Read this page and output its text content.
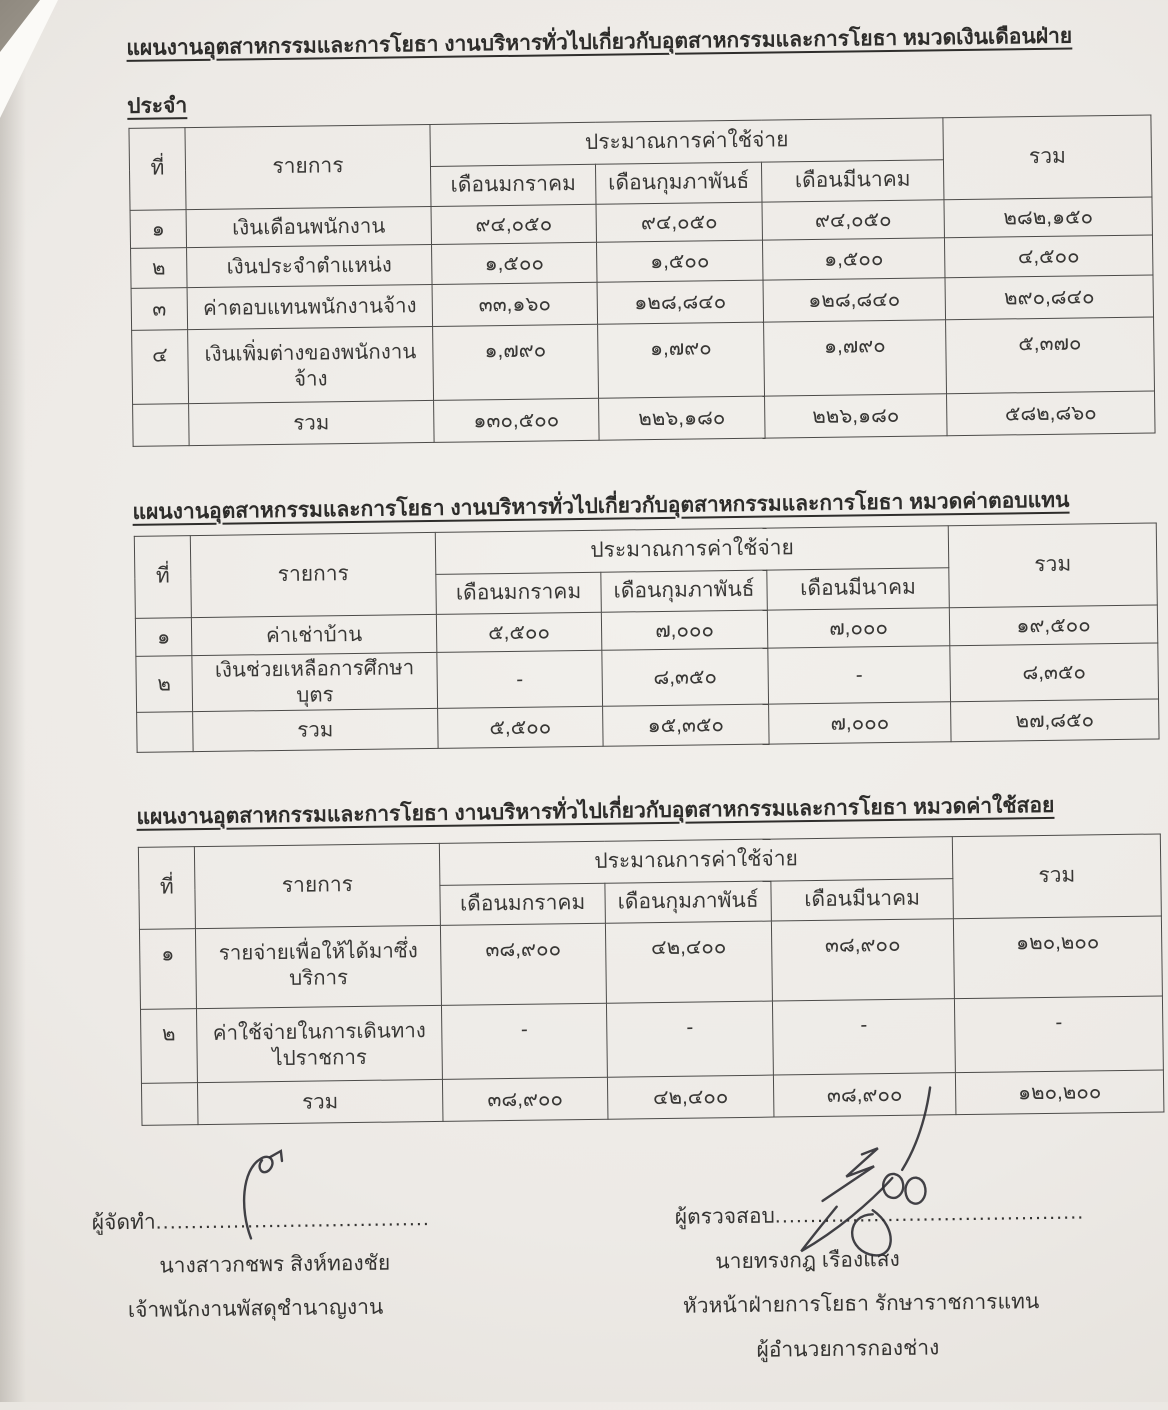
แผนงานอุตสาหกรรมและการโยธา งานบริหารทั่วไปเกี่ยวกับอุตสาหกรรมและการโยธา หมวดเงินเดือนฝ่าย
ประจำ
ที่	รายการ	ประมาณการค่าใช้จ่าย			รวม
		เดือนมกราคม	เดือนกุมภาพันธ์	เดือนมีนาคม	
๑	เงินเดือนพนักงาน	๙๔,๐๕๐	๙๔,๐๕๐	๙๔,๐๕๐	๒๘๒,๑๕๐
๒	เงินประจำตำแหน่ง	๑,๕๐๐	๑,๕๐๐	๑,๕๐๐	๔,๕๐๐
๓	ค่าตอบแทนพนักงานจ้าง	๓๓,๑๖๐	๑๒๘,๘๔๐	๑๒๘,๘๔๐	๒๙๐,๘๔๐
๔	เงินเพิ่มต่างของพนักงานจ้าง	๑,๗๙๐	๑,๗๙๐	๑,๗๙๐	๕,๓๗๐
	รวม	๑๓๐,๕๐๐	๒๒๖,๑๘๐	๒๒๖,๑๘๐	๕๘๒,๘๖๐
แผนงานอุตสาหกรรมและการโยธา งานบริหารทั่วไปเกี่ยวกับอุตสาหกรรมและการโยธา หมวดค่าตอบแทน
ที่	รายการ	ประมาณการค่าใช้จ่าย			รวม
		เดือนมกราคม	เดือนกุมภาพันธ์	เดือนมีนาคม	
๑	ค่าเช่าบ้าน	๕,๕๐๐	๗,๐๐๐	๗,๐๐๐	๑๙,๕๐๐
๒	เงินช่วยเหลือการศึกษาบุตร	-	๘,๓๕๐	-	๘,๓๕๐
	รวม	๕,๕๐๐	๑๕,๓๕๐	๗,๐๐๐	๒๗,๘๕๐
แผนงานอุตสาหกรรมและการโยธา งานบริหารทั่วไปเกี่ยวกับอุตสาหกรรมและการโยธา หมวดค่าใช้สอย
ที่	รายการ	ประมาณการค่าใช้จ่าย			รวม
		เดือนมกราคม	เดือนกุมภาพันธ์	เดือนมีนาคม	
๑	รายจ่ายเพื่อให้ได้มาซึ่งบริการ	๓๘,๙๐๐	๔๒,๔๐๐	๓๘,๙๐๐	๑๒๐,๒๐๐
๒	ค่าใช้จ่ายในการเดินทางไปราชการ	-	-	-	-
	รวม	๓๘,๙๐๐	๔๒,๔๐๐	๓๘,๙๐๐	๑๒๐,๒๐๐
ผู้จัดทำ.......................................
นางสาวกชพร สิงห์ทองชัย
เจ้าพนักงานพัสดุชำนาญงาน
ผู้ตรวจสอบ............................................
นายทรงกฎ เรืองแสง
หัวหน้าฝ่ายการโยธา รักษาราชการแทน
ผู้อำนวยการกองช่าง
